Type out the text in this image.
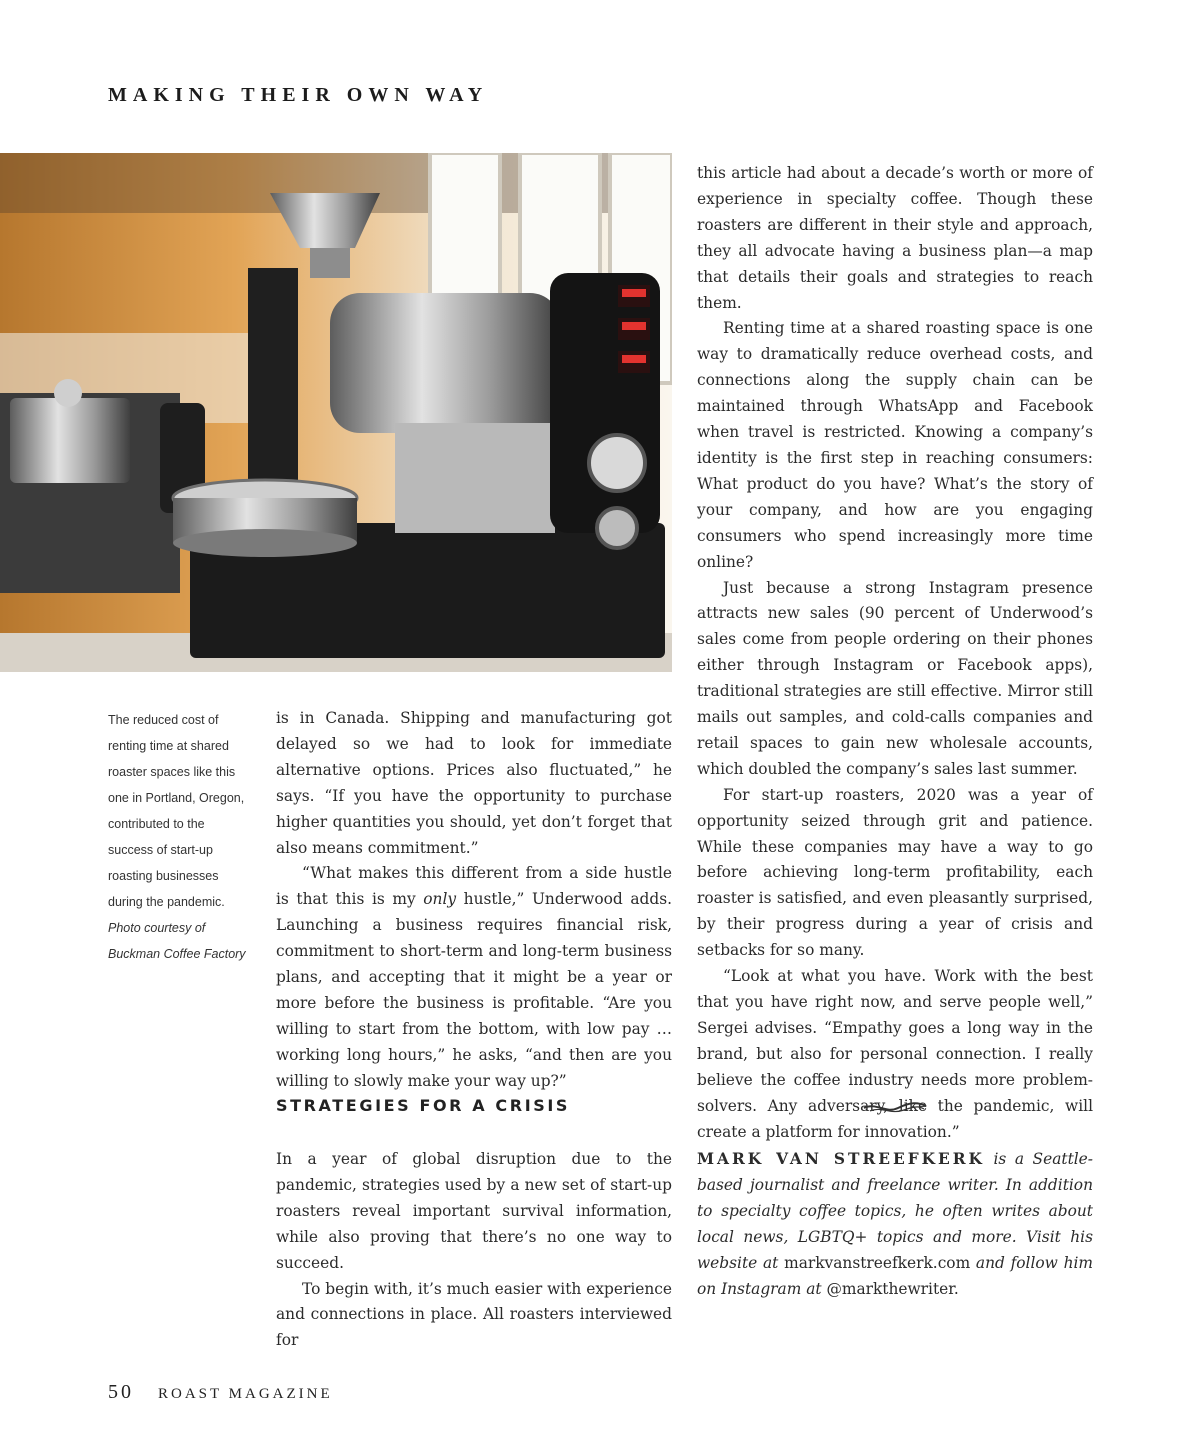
MAKING THEIR OWN WAY
The reduced cost of renting time at shared roaster spaces like this one in Portland, Oregon, contributed to the success of start-up roasting businesses during the pandemic.
Photo courtesy of Buckman Coffee Factory

is in Canada. Shipping and manufacturing got delayed so we had to look for immediate alternative options. Prices also fluctuated,” he says. “If you have the opportunity to purchase higher quantities you should, yet don’t forget that also means commitment.”

“What makes this different from a side hustle is that this is my only hustle,” Underwood adds. Launching a business requires financial risk, commitment to short-term and long-term business plans, and accepting that it might be a year or more before the business is profitable. “Are you willing to start from the bottom, with low pay … working long hours,” he asks, “and then are you willing to slowly make your way up?”

STRATEGIES FOR A CRISIS

In a year of global disruption due to the pandemic, strategies used by a new set of start-up roasters reveal important survival information, while also proving that there’s no one way to succeed.

To begin with, it’s much easier with experience and connections in place. All roasters interviewed for

this article had about a decade’s worth or more of experience in specialty coffee. Though these roasters are different in their style and approach, they all advocate having a business plan—a map that details their goals and strategies to reach them.

Renting time at a shared roasting space is one way to dramatically reduce overhead costs, and connections along the supply chain can be maintained through WhatsApp and Facebook when travel is restricted. Knowing a company’s identity is the first step in reaching consumers: What product do you have? What’s the story of your company, and how are you engaging consumers who spend increasingly more time online?

Just because a strong Instagram presence attracts new sales (90 percent of Underwood’s sales come from people ordering on their phones either through Instagram or Facebook apps), traditional strategies are still effective. Mirror still mails out samples, and cold-calls companies and retail spaces to gain new wholesale accounts, which doubled the company’s sales last summer.

For start-up roasters, 2020 was a year of opportunity seized through grit and patience. While these companies may have a way to go before achieving long-term profitability, each roaster is satisfied, and even pleasantly surprised, by their progress during a year of crisis and setbacks for so many.

“Look at what you have. Work with the best that you have right now, and serve people well,” Sergei advises. “Empathy goes a long way in the brand, but also for personal connection. I really believe the coffee industry needs more problem-solvers. Any adversary, like the pandemic, will create a platform for innovation.”

MARK VAN STREEFKERK is a Seattle-based journalist and freelance writer. In addition to specialty coffee topics, he often writes about local news, LGBTQ+ topics and more. Visit his website at markvanstreefkerk.com and follow him on Instagram at @markthewriter.
50 ROAST MAGAZINE
